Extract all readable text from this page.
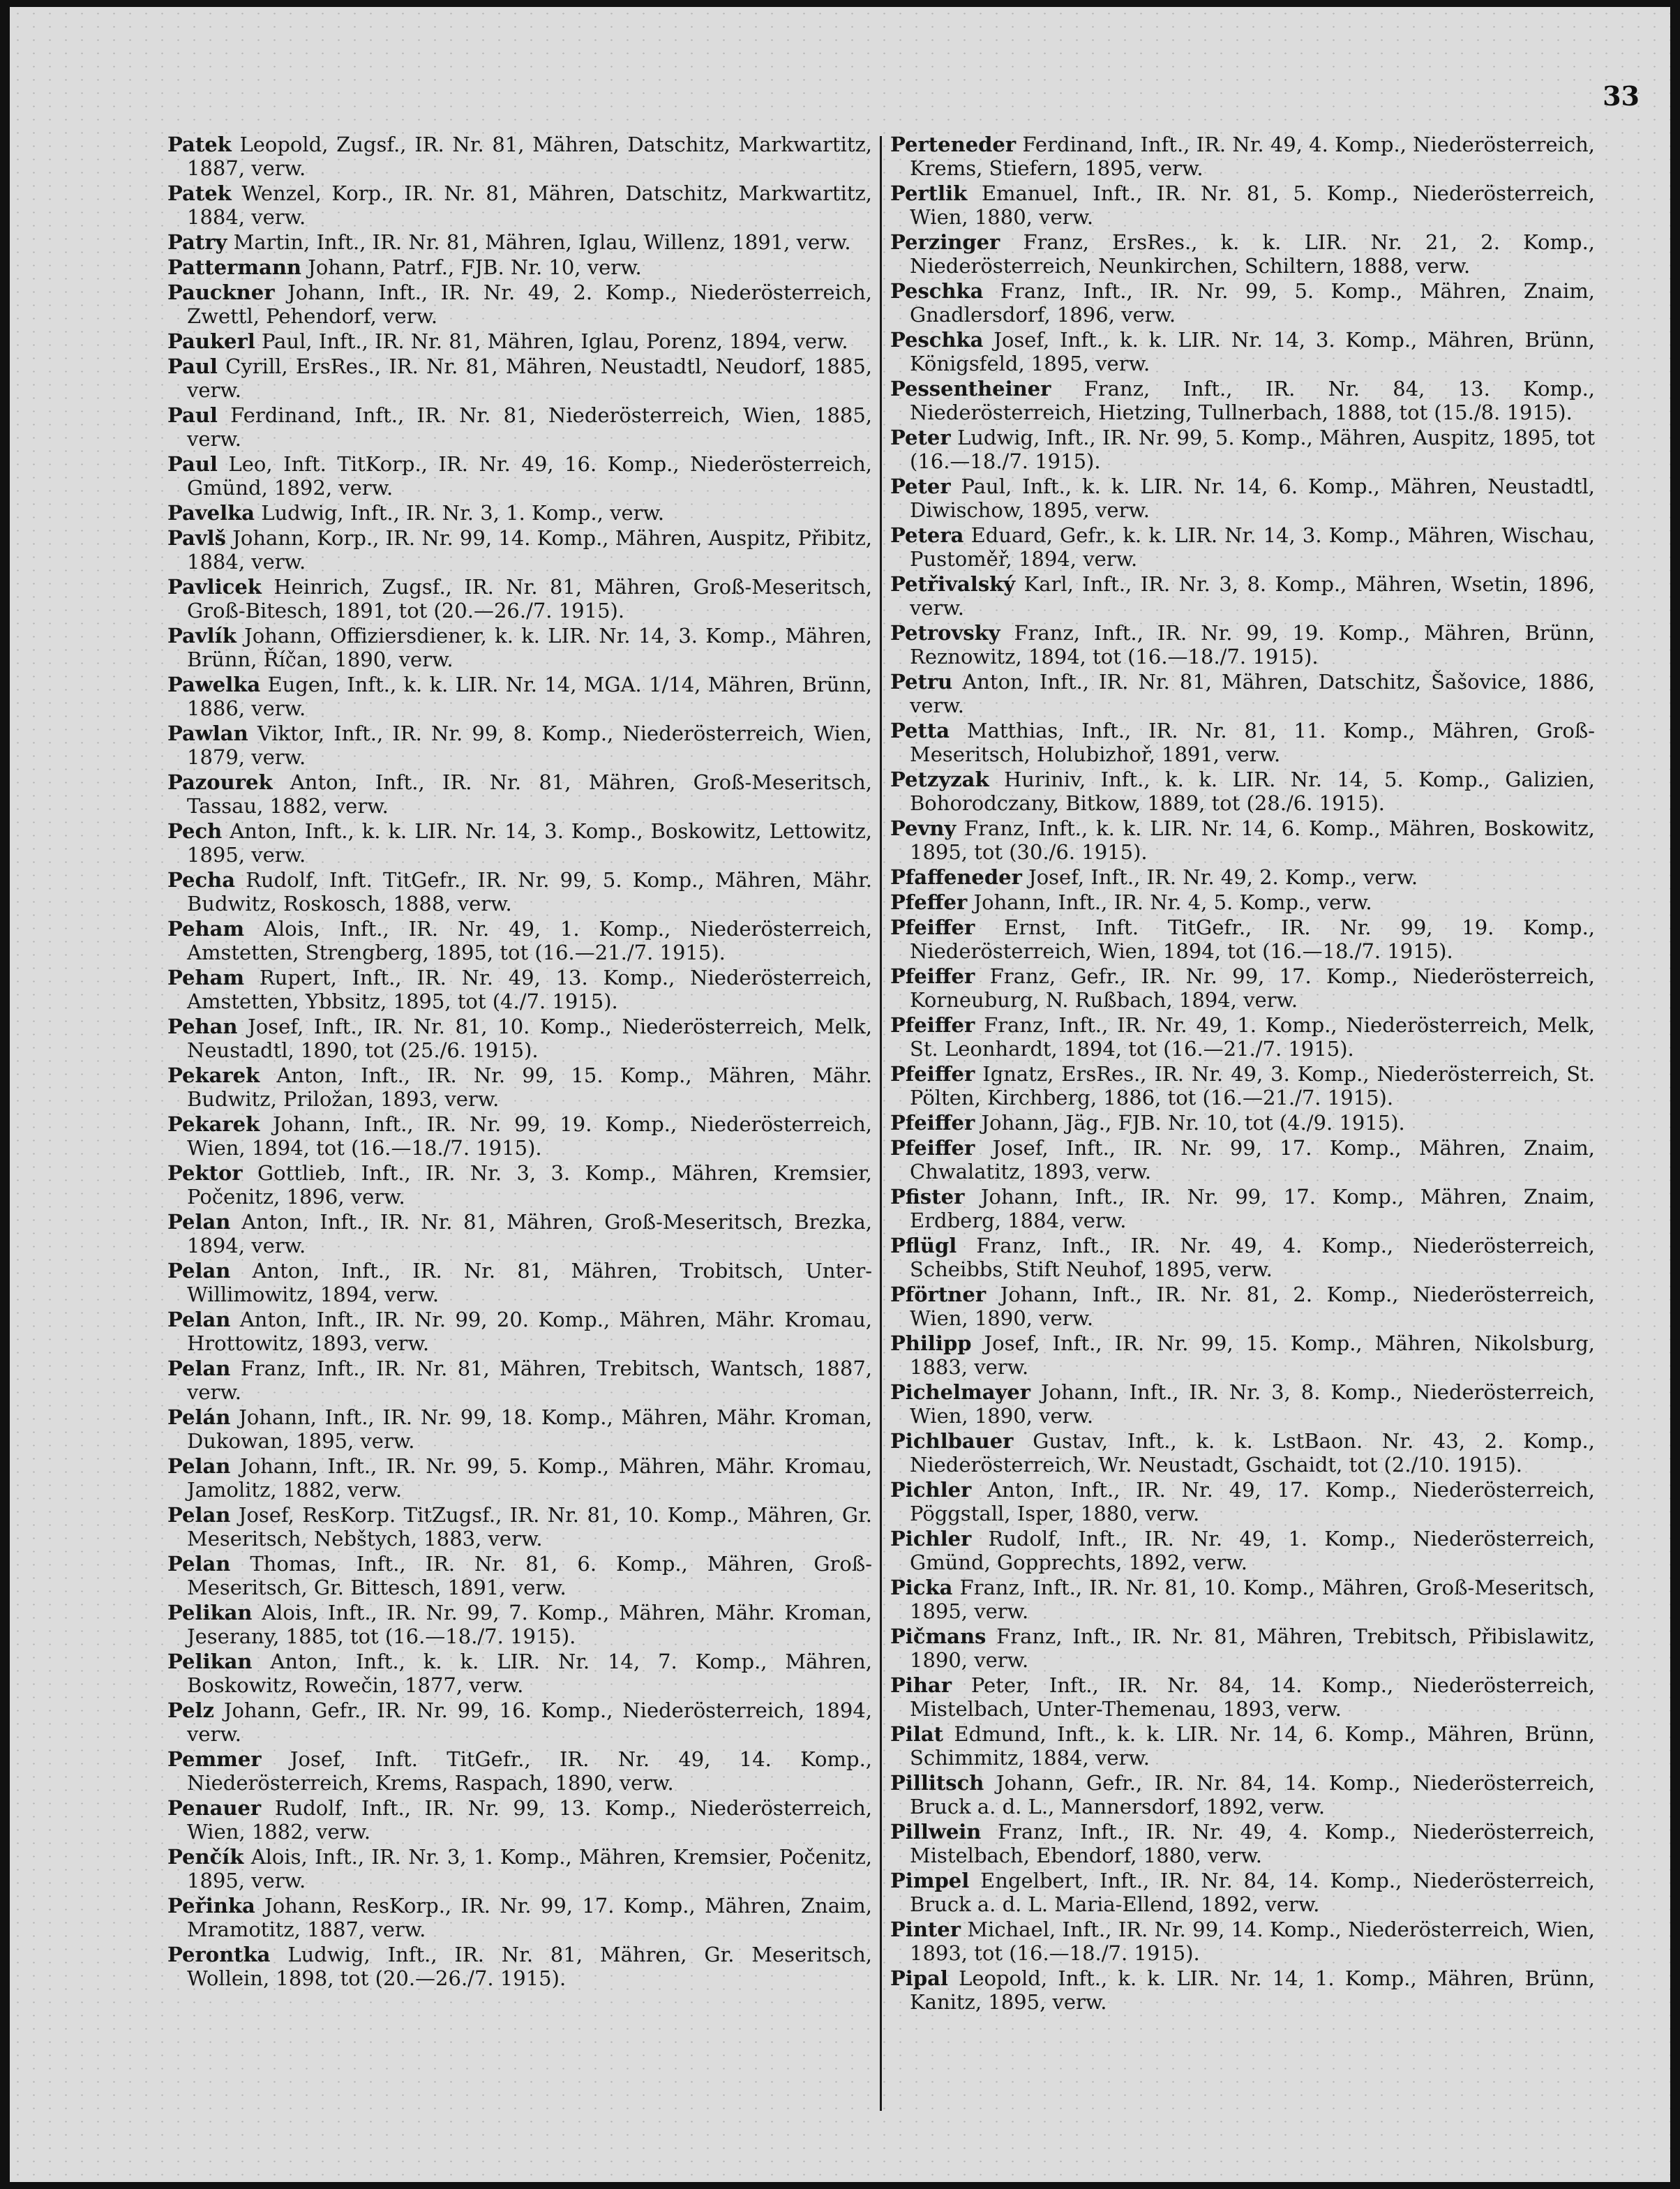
33

Patek Leopold, Zugsf., IR. Nr. 81, Mähren, Datschitz, Markwartitz, 1887, verw.

Patek Wenzel, Korp., IR. Nr. 81, Mähren, Datschitz, Markwartitz, 1884, verw.

Patry Martin, Inft., IR. Nr. 81, Mähren, Iglau, Willenz, 1891, verw.

Pattermann Johann, Patrf., FJB. Nr. 10, verw.

Pauckner Johann, Inft., IR. Nr. 49, 2. Komp., Niederösterreich, Zwettl, Pehendorf, verw.

Paukerl Paul, Inft., IR. Nr. 81, Mähren, Iglau, Porenz, 1894, verw.

Paul Cyrill, ErsRes., IR. Nr. 81, Mähren, Neustadtl, Neudorf, 1885, verw.

Paul Ferdinand, Inft., IR. Nr. 81, Niederösterreich, Wien, 1885, verw.

Paul Leo, Inft. TitKorp., IR. Nr. 49, 16. Komp., Niederösterreich, Gmünd, 1892, verw.

Pavelka Ludwig, Inft., IR. Nr. 3, 1. Komp., verw.

Pavlš Johann, Korp., IR. Nr. 99, 14. Komp., Mähren, Auspitz, Přibitz, 1884, verw.

Pavlicek Heinrich, Zugsf., IR. Nr. 81, Mähren, Groß-Meseritsch, Groß-Bitesch, 1891, tot (20.—26./7. 1915).

Pavlík Johann, Offiziersdiener, k. k. LIR. Nr. 14, 3. Komp., Mähren, Brünn, Říčan, 1890, verw.

Pawelka Eugen, Inft., k. k. LIR. Nr. 14, MGA. 1/14, Mähren, Brünn, 1886, verw.

Pawlan Viktor, Inft., IR. Nr. 99, 8. Komp., Niederösterreich, Wien, 1879, verw.

Pazourek Anton, Inft., IR. Nr. 81, Mähren, Groß-Meseritsch, Tassau, 1882, verw.

Pech Anton, Inft., k. k. LIR. Nr. 14, 3. Komp., Boskowitz, Lettowitz, 1895, verw.

Pecha Rudolf, Inft. TitGefr., IR. Nr. 99, 5. Komp., Mähren, Mähr. Budwitz, Roskosch, 1888, verw.

Peham Alois, Inft., IR. Nr. 49, 1. Komp., Niederösterreich, Amstetten, Strengberg, 1895, tot (16.—21./7. 1915).

Peham Rupert, Inft., IR. Nr. 49, 13. Komp., Niederösterreich, Amstetten, Ybbsitz, 1895, tot (4./7. 1915).

Pehan Josef, Inft., IR. Nr. 81, 10. Komp., Niederösterreich, Melk, Neustadtl, 1890, tot (25./6. 1915).

Pekarek Anton, Inft., IR. Nr. 99, 15. Komp., Mähren, Mähr. Budwitz, Priložan, 1893, verw.

Pekarek Johann, Inft., IR. Nr. 99, 19. Komp., Niederösterreich, Wien, 1894, tot (16.—18./7. 1915).

Pektor Gottlieb, Inft., IR. Nr. 3, 3. Komp., Mähren, Kremsier, Počenitz, 1896, verw.

Pelan Anton, Inft., IR. Nr. 81, Mähren, Groß-Meseritsch, Brezka, 1894, verw.

Pelan Anton, Inft., IR. Nr. 81, Mähren, Trobitsch, Unter-Willimowitz, 1894, verw.

Pelan Anton, Inft., IR. Nr. 99, 20. Komp., Mähren, Mähr. Kromau, Hrottowitz, 1893, verw.

Pelan Franz, Inft., IR. Nr. 81, Mähren, Trebitsch, Wantsch, 1887, verw.

Pelán Johann, Inft., IR. Nr. 99, 18. Komp., Mähren, Mähr. Kroman, Dukowan, 1895, verw.

Pelan Johann, Inft., IR. Nr. 99, 5. Komp., Mähren, Mähr. Kromau, Jamolitz, 1882, verw.

Pelan Josef, ResKorp. TitZugsf., IR. Nr. 81, 10. Komp., Mähren, Gr. Meseritsch, Nebštych, 1883, verw.

Pelan Thomas, Inft., IR. Nr. 81, 6. Komp., Mähren, Groß-Meseritsch, Gr. Bittesch, 1891, verw.

Pelikan Alois, Inft., IR. Nr. 99, 7. Komp., Mähren, Mähr. Kroman, Jeserany, 1885, tot (16.—18./7. 1915).

Pelikan Anton, Inft., k. k. LIR. Nr. 14, 7. Komp., Mähren, Boskowitz, Rowečin, 1877, verw.

Pelz Johann, Gefr., IR. Nr. 99, 16. Komp., Niederösterreich, 1894, verw.

Pemmer Josef, Inft. TitGefr., IR. Nr. 49, 14. Komp., Niederösterreich, Krems, Raspach, 1890, verw.

Penauer Rudolf, Inft., IR. Nr. 99, 13. Komp., Niederösterreich, Wien, 1882, verw.

Penčík Alois, Inft., IR. Nr. 3, 1. Komp., Mähren, Kremsier, Počenitz, 1895, verw.

Peřinka Johann, ResKorp., IR. Nr. 99, 17. Komp., Mähren, Znaim, Mramotitz, 1887, verw.

Perontka Ludwig, Inft., IR. Nr. 81, Mähren, Gr. Meseritsch, Wollein, 1898, tot (20.—26./7. 1915).

Perteneder Ferdinand, Inft., IR. Nr. 49, 4. Komp., Niederösterreich, Krems, Stiefern, 1895, verw.

Pertlik Emanuel, Inft., IR. Nr. 81, 5. Komp., Niederösterreich, Wien, 1880, verw.

Perzinger Franz, ErsRes., k. k. LIR. Nr. 21, 2. Komp., Niederösterreich, Neunkirchen, Schiltern, 1888, verw.

Peschka Franz, Inft., IR. Nr. 99, 5. Komp., Mähren, Znaim, Gnadlersdorf, 1896, verw.

Peschka Josef, Inft., k. k. LIR. Nr. 14, 3. Komp., Mähren, Brünn, Königsfeld, 1895, verw.

Pessentheiner Franz, Inft., IR. Nr. 84, 13. Komp., Niederösterreich, Hietzing, Tullnerbach, 1888, tot (15./8. 1915).

Peter Ludwig, Inft., IR. Nr. 99, 5. Komp., Mähren, Auspitz, 1895, tot (16.—18./7. 1915).

Peter Paul, Inft., k. k. LIR. Nr. 14, 6. Komp., Mähren, Neustadtl, Diwischow, 1895, verw.

Petera Eduard, Gefr., k. k. LIR. Nr. 14, 3. Komp., Mähren, Wischau, Pustoměř, 1894, verw.

Petřivalský Karl, Inft., IR. Nr. 3, 8. Komp., Mähren, Wsetin, 1896, verw.

Petrovsky Franz, Inft., IR. Nr. 99, 19. Komp., Mähren, Brünn, Reznowitz, 1894, tot (16.—18./7. 1915).

Petru Anton, Inft., IR. Nr. 81, Mähren, Datschitz, Šašovice, 1886, verw.

Petta Matthias, Inft., IR. Nr. 81, 11. Komp., Mähren, Groß-Meseritsch, Holubizhoř, 1891, verw.

Petzyzak Huriniv, Inft., k. k. LIR. Nr. 14, 5. Komp., Galizien, Bohorodczany, Bitkow, 1889, tot (28./6. 1915).

Pevny Franz, Inft., k. k. LIR. Nr. 14, 6. Komp., Mähren, Boskowitz, 1895, tot (30./6. 1915).

Pfaffeneder Josef, Inft., IR. Nr. 49, 2. Komp., verw.

Pfeffer Johann, Inft., IR. Nr. 4, 5. Komp., verw.

Pfeiffer Ernst, Inft. TitGefr., IR. Nr. 99, 19. Komp., Niederösterreich, Wien, 1894, tot (16.—18./7. 1915).

Pfeiffer Franz, Gefr., IR. Nr. 99, 17. Komp., Niederösterreich, Korneuburg, N. Rußbach, 1894, verw.

Pfeiffer Franz, Inft., IR. Nr. 49, 1. Komp., Niederösterreich, Melk, St. Leonhardt, 1894, tot (16.—21./7. 1915).

Pfeiffer Ignatz, ErsRes., IR. Nr. 49, 3. Komp., Niederösterreich, St. Pölten, Kirchberg, 1886, tot (16.—21./7. 1915).

Pfeiffer Johann, Jäg., FJB. Nr. 10, tot (4./9. 1915).

Pfeiffer Josef, Inft., IR. Nr. 99, 17. Komp., Mähren, Znaim, Chwalatitz, 1893, verw.

Pfister Johann, Inft., IR. Nr. 99, 17. Komp., Mähren, Znaim, Erdberg, 1884, verw.

Pflügl Franz, Inft., IR. Nr. 49, 4. Komp., Niederösterreich, Scheibbs, Stift Neuhof, 1895, verw.

Pförtner Johann, Inft., IR. Nr. 81, 2. Komp., Niederösterreich, Wien, 1890, verw.

Philipp Josef, Inft., IR. Nr. 99, 15. Komp., Mähren, Nikolsburg, 1883, verw.

Pichelmayer Johann, Inft., IR. Nr. 3, 8. Komp., Niederösterreich, Wien, 1890, verw.

Pichlbauer Gustav, Inft., k. k. LstBaon. Nr. 43, 2. Komp., Niederösterreich, Wr. Neustadt, Gschaidt, tot (2./10. 1915).

Pichler Anton, Inft., IR. Nr. 49, 17. Komp., Niederösterreich, Pöggstall, Isper, 1880, verw.

Pichler Rudolf, Inft., IR. Nr. 49, 1. Komp., Niederösterreich, Gmünd, Gopprechts, 1892, verw.

Picka Franz, Inft., IR. Nr. 81, 10. Komp., Mähren, Groß-Meseritsch, 1895, verw.

Pičmans Franz, Inft., IR. Nr. 81, Mähren, Trebitsch, Přibislawitz, 1890, verw.

Pihar Peter, Inft., IR. Nr. 84, 14. Komp., Niederösterreich, Mistelbach, Unter-Themenau, 1893, verw.

Pilat Edmund, Inft., k. k. LIR. Nr. 14, 6. Komp., Mähren, Brünn, Schimmitz, 1884, verw.

Pillitsch Johann, Gefr., IR. Nr. 84, 14. Komp., Niederösterreich, Bruck a. d. L., Mannersdorf, 1892, verw.

Pillwein Franz, Inft., IR. Nr. 49, 4. Komp., Niederösterreich, Mistelbach, Ebendorf, 1880, verw.

Pimpel Engelbert, Inft., IR. Nr. 84, 14. Komp., Niederösterreich, Bruck a. d. L. Maria-Ellend, 1892, verw.

Pinter Michael, Inft., IR. Nr. 99, 14. Komp., Niederösterreich, Wien, 1893, tot (16.—18./7. 1915).

Pipal Leopold, Inft., k. k. LIR. Nr. 14, 1. Komp., Mähren, Brünn, Kanitz, 1895, verw.
